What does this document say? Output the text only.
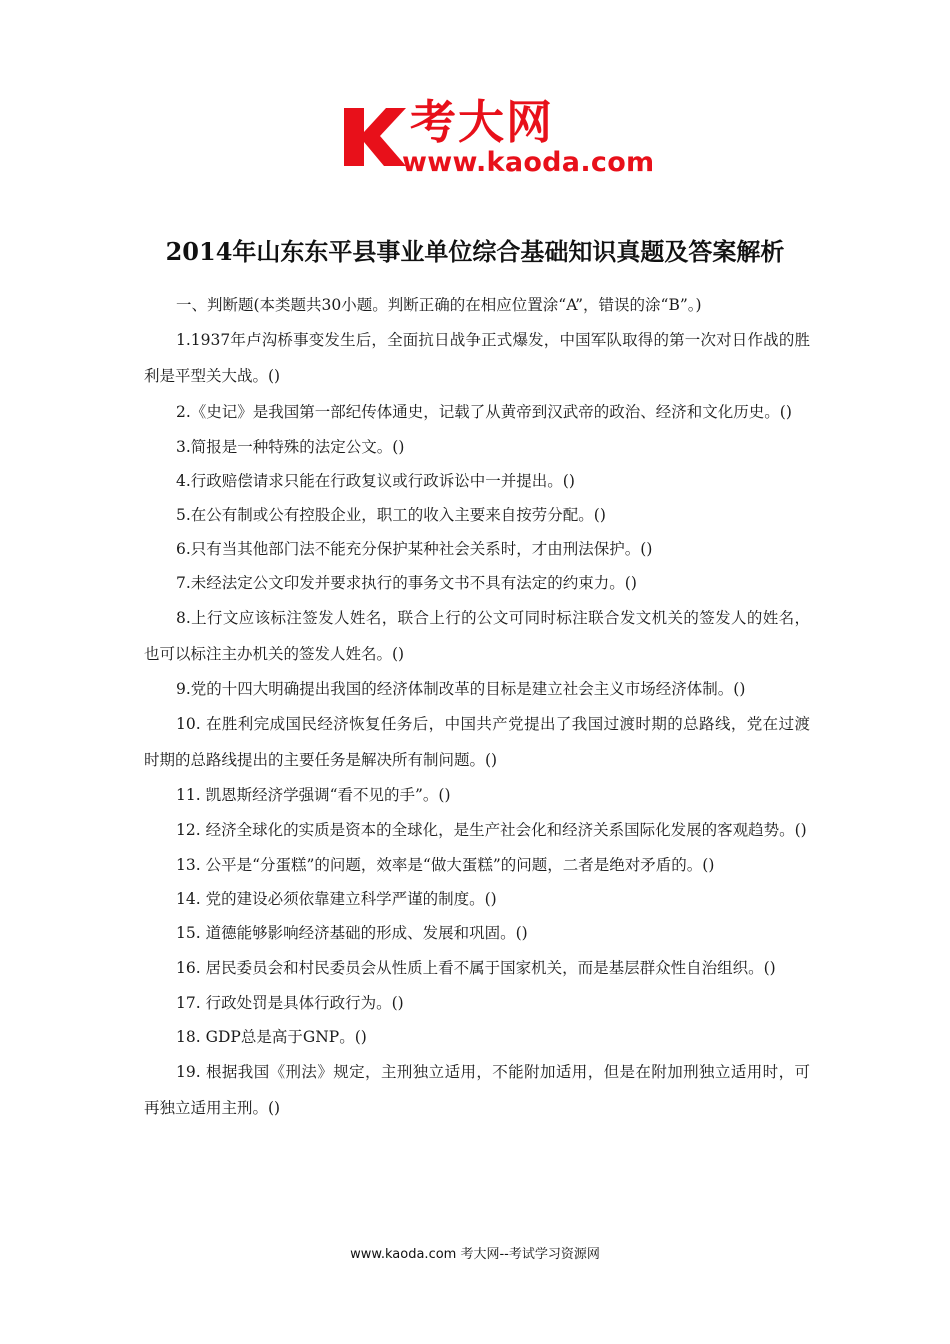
考大网
www.kaoda.com
2014年山东东平县事业单位综合基础知识真题及答案解析

一、判断题(本类题共30小题。判断正确的在相应位置涂“A”，错误的涂“B”。)

1.1937年卢沟桥事变发生后，全面抗日战争正式爆发，中国军队取得的第一次对日作战的胜利是平型关大战。()

2.《史记》是我国第一部纪传体通史，记载了从黄帝到汉武帝的政治、经济和文化历史。()

3.简报是一种特殊的法定公文。()

4.行政赔偿请求只能在行政复议或行政诉讼中一并提出。()

5.在公有制或公有控股企业，职工的收入主要来自按劳分配。()

6.只有当其他部门法不能充分保护某种社会关系时，才由刑法保护。()

7.未经法定公文印发并要求执行的事务文书不具有法定的约束力。()

8.上行文应该标注签发人姓名，联合上行的公文可同时标注联合发文机关的签发人的姓名，也可以标注主办机关的签发人姓名。()

9.党的十四大明确提出我国的经济体制改革的目标是建立社会主义市场经济体制。()

10. 在胜利完成国民经济恢复任务后，中国共产党提出了我国过渡时期的总路线，党在过渡时期的总路线提出的主要任务是解决所有制问题。()

11. 凯恩斯经济学强调“看不见的手”。()

12. 经济全球化的实质是资本的全球化，是生产社会化和经济关系国际化发展的客观趋势。()

13. 公平是“分蛋糕”的问题，效率是“做大蛋糕”的问题，二者是绝对矛盾的。()

14. 党的建设必须依靠建立科学严谨的制度。()

15. 道德能够影响经济基础的形成、发展和巩固。()

16. 居民委员会和村民委员会从性质上看不属于国家机关，而是基层群众性自治组织。()

17. 行政处罚是具体行政行为。()

18. GDP总是高于GNP。()

19. 根据我国《刑法》规定，主刑独立适用，不能附加适用，但是在附加刑独立适用时，可再独立适用主刑。()

www.kaoda.com 考大网--考试学习资源网
